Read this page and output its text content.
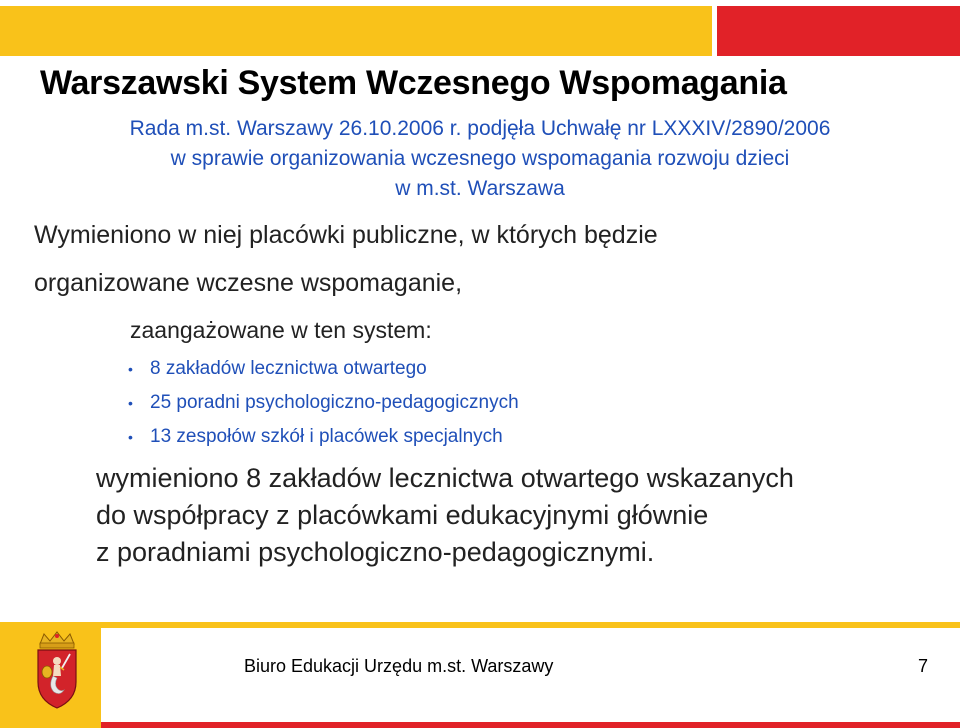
Warszawski System Wczesnego Wspomagania
Rada m.st. Warszawy 26.10.2006 r. podjęła Uchwałę nr LXXXIV/2890/2006
w sprawie organizowania wczesnego wspomagania rozwoju dzieci
w m.st. Warszawa
Wymieniono w niej placówki publiczne, w których będzie
organizowane wczesne wspomaganie,
zaangażowane w ten system:
• 8 zakładów lecznictwa otwartego
• 25 poradni psychologiczno-pedagogicznych
• 13 zespołów szkół i placówek specjalnych
wymieniono 8 zakładów lecznictwa otwartego wskazanych
do współpracy z placówkami edukacyjnymi głównie
z poradniami psychologiczno-pedagogicznymi.
Biuro Edukacji Urzędu m.st. Warszawy	7
